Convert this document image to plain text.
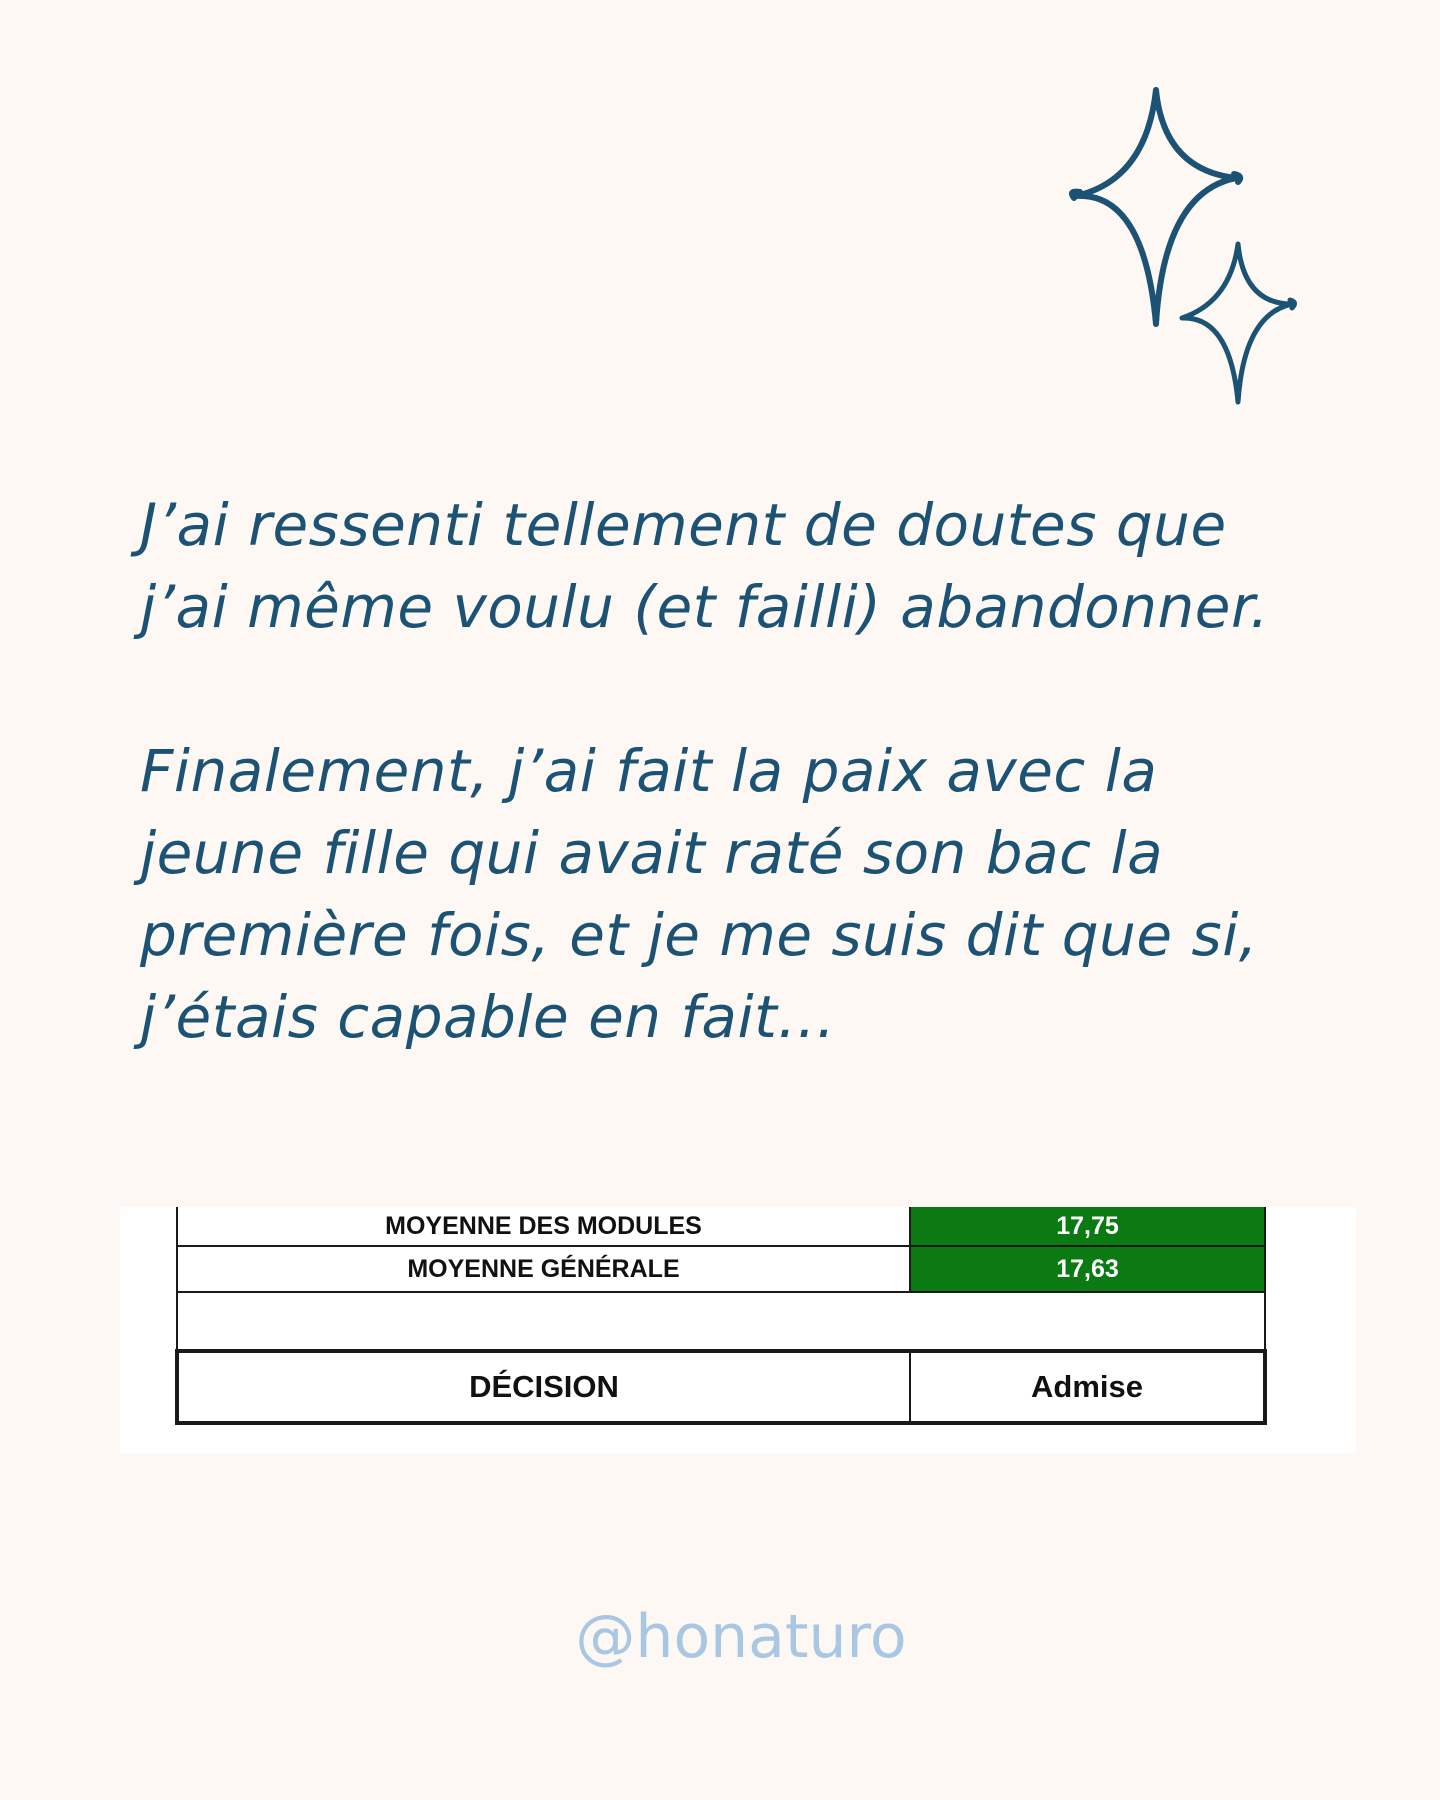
J’ai ressenti tellement de doutes que
j’ai même voulu (et failli) abandonner.
Finalement, j’ai fait la paix avec la
jeune fille qui avait raté son bac la
première fois, et je me suis dit que si,
j’étais capable en fait…
MOYENNE DES MODULES	17,75
MOYENNE GÉNÉRALE	17,63

DÉCISION	Admise
@honaturo
